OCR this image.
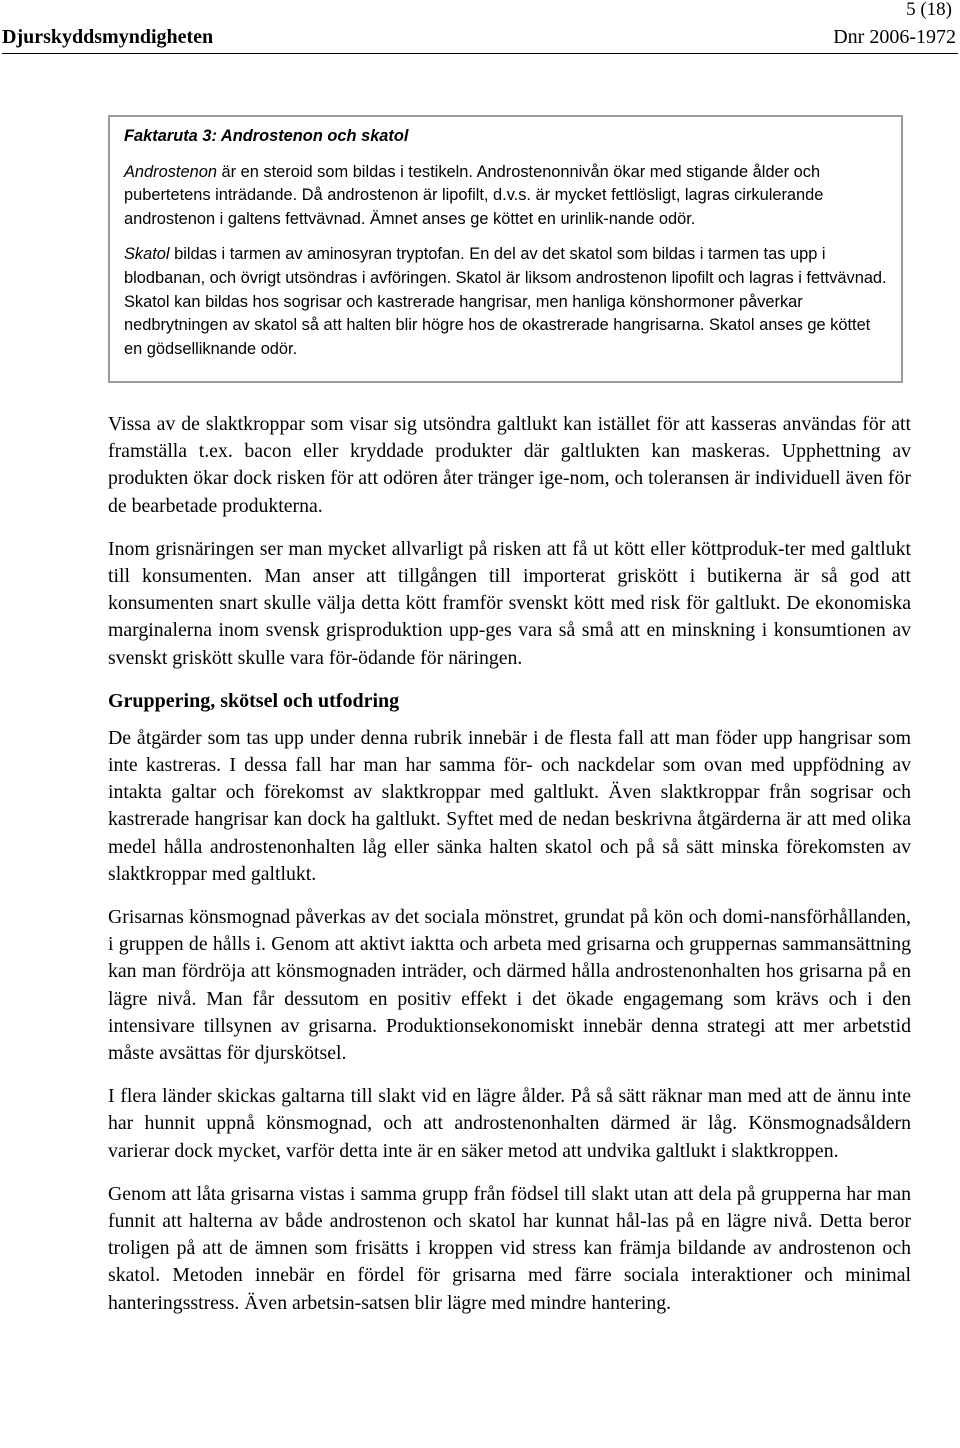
5 (18)
Djurskyddsmyndigheten	Dnr 2006-1972

Faktaruta 3: Androstenon och skatol

Androstenon är en steroid som bildas i testikeln. Androstenonnivån ökar med stigande ålder och pubertetens inträdande. Då androstenon är lipofilt, d.v.s. är mycket fettlösligt, lagras cirkulerande androstenon i galtens fettvävnad. Ämnet anses ge köttet en urinlik-nande odör.

Skatol bildas i tarmen av aminosyran tryptofan. En del av det skatol som bildas i tarmen tas upp i blodbanan, och övrigt utsöndras i avföringen. Skatol är liksom androstenon lipofilt och lagras i fettvävnad. Skatol kan bildas hos sogrisar och kastrerade hangrisar, men hanliga könshormoner påverkar nedbrytningen av skatol så att halten blir högre hos de okastrerade hangrisarna. Skatol anses ge köttet en gödselliknande odör.

Vissa av de slaktkroppar som visar sig utsöndra galtlukt kan istället för att kasseras användas för att framställa t.ex. bacon eller kryddade produkter där galtlukten kan maskeras. Upphettning av produkten ökar dock risken för att odören åter tränger ige-nom, och toleransen är individuell även för de bearbetade produkterna.

Inom grisnäringen ser man mycket allvarligt på risken att få ut kött eller köttproduk-ter med galtlukt till konsumenten. Man anser att tillgången till importerat griskött i butikerna är så god att konsumenten snart skulle välja detta kött framför svenskt kött med risk för galtlukt. De ekonomiska marginalerna inom svensk grisproduktion upp-ges vara så små att en minskning i konsumtionen av svenskt griskött skulle vara för-ödande för näringen.

Gruppering, skötsel och utfodring

De åtgärder som tas upp under denna rubrik innebär i de flesta fall att man föder upp hangrisar som inte kastreras. I dessa fall har man har samma för- och nackdelar som ovan med uppfödning av intakta galtar och förekomst av slaktkroppar med galtlukt. Även slaktkroppar från sogrisar och kastrerade hangrisar kan dock ha galtlukt. Syftet med de nedan beskrivna åtgärderna är att med olika medel hålla androstenonhalten låg eller sänka halten skatol och på så sätt minska förekomsten av slaktkroppar med galtlukt.

Grisarnas könsmognad påverkas av det sociala mönstret, grundat på kön och domi-nansförhållanden, i gruppen de hålls i. Genom att aktivt iaktta och arbeta med grisarna och gruppernas sammansättning kan man fördröja att könsmognaden inträder, och därmed hålla androstenonhalten hos grisarna på en lägre nivå. Man får dessutom en positiv effekt i det ökade engagemang som krävs och i den intensivare tillsynen av grisarna. Produktionsekonomiskt innebär denna strategi att mer arbetstid måste avsättas för djurskötsel.

I flera länder skickas galtarna till slakt vid en lägre ålder. På så sätt räknar man med att de ännu inte har hunnit uppnå könsmognad, och att androstenonhalten därmed är låg. Könsmognadsåldern varierar dock mycket, varför detta inte är en säker metod att undvika galtlukt i slaktkroppen.

Genom att låta grisarna vistas i samma grupp från födsel till slakt utan att dela på grupperna har man funnit att halterna av både androstenon och skatol har kunnat hål-las på en lägre nivå. Detta beror troligen på att de ämnen som frisätts i kroppen vid stress kan främja bildande av androstenon och skatol. Metoden innebär en fördel för grisarna med färre sociala interaktioner och minimal hanteringsstress. Även arbetsin-satsen blir lägre med mindre hantering.
